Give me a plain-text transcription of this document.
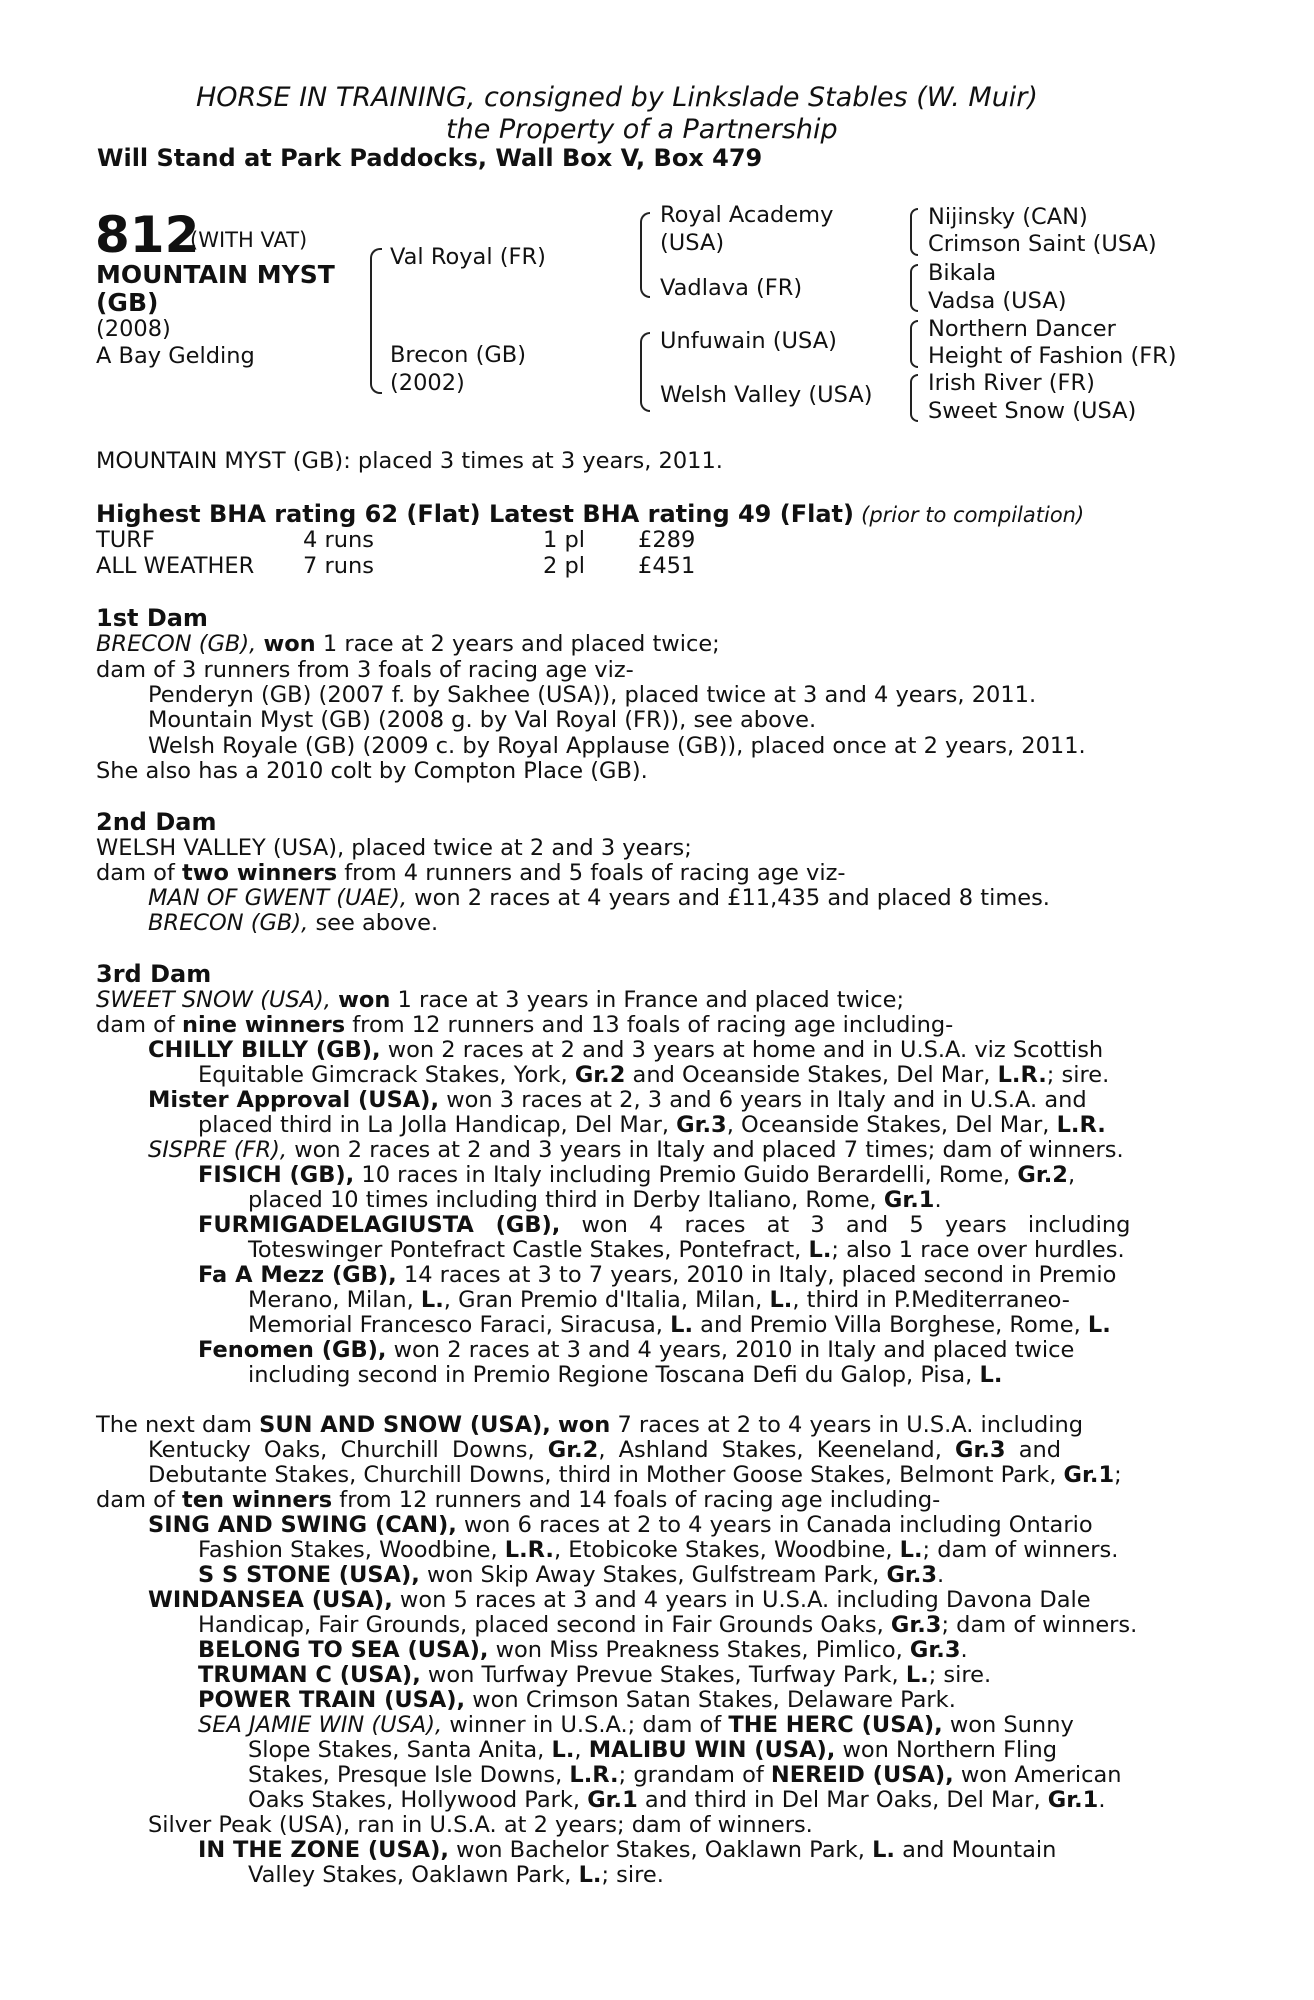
HORSE IN TRAINING, consigned by Linkslade Stables (W. Muir)
the Property of a Partnership
Will Stand at Park Paddocks, Wall Box V, Box 479
812
(WITH VAT)
MOUNTAIN MYST
(GB)
(2008)
A Bay Gelding
Val Royal (FR)
Brecon (GB)
(2002)
Royal Academy
(USA)
Vadlava (FR)
Unfuwain (USA)
Welsh Valley (USA)
Nijinsky (CAN)
Crimson Saint (USA)
Bikala
Vadsa (USA)
Northern Dancer
Height of Fashion (FR)
Irish River (FR)
Sweet Snow (USA)
MOUNTAIN MYST (GB): placed 3 times at 3 years, 2011.
Highest BHA rating 62 (Flat) Latest BHA rating 49 (Flat) (prior to compilation)
TURF	4 runs	1 pl £289
ALL WEATHER 7 runs	2 pl £451
1st Dam
BRECON (GB), won 1 race at 2 years and placed twice;
dam of 3 runners from 3 foals of racing age viz-
Penderyn (GB) (2007 f. by Sakhee (USA)), placed twice at 3 and 4 years, 2011.
Mountain Myst (GB) (2008 g. by Val Royal (FR)), see above.
Welsh Royale (GB) (2009 c. by Royal Applause (GB)), placed once at 2 years, 2011.
She also has a 2010 colt by Compton Place (GB).
2nd Dam
WELSH VALLEY (USA), placed twice at 2 and 3 years;
dam of two winners from 4 runners and 5 foals of racing age viz-
MAN OF GWENT (UAE), won 2 races at 4 years and £11,435 and placed 8 times.
BRECON (GB), see above.
3rd Dam
SWEET SNOW (USA), won 1 race at 3 years in France and placed twice;
dam of nine winners from 12 runners and 13 foals of racing age including-
CHILLY BILLY (GB), won 2 races at 2 and 3 years at home and in U.S.A. viz Scottish
Equitable Gimcrack Stakes, York, Gr.2 and Oceanside Stakes, Del Mar, L.R.; sire.
Mister Approval (USA), won 3 races at 2, 3 and 6 years in Italy and in U.S.A. and
placed third in La Jolla Handicap, Del Mar, Gr.3, Oceanside Stakes, Del Mar, L.R.
SISPRE (FR), won 2 races at 2 and 3 years in Italy and placed 7 times; dam of winners.
FISICH (GB), 10 races in Italy including Premio Guido Berardelli, Rome, Gr.2,
placed 10 times including third in Derby Italiano, Rome, Gr.1.
FURMIGADELAGIUSTA (GB), won 4 races at 3 and 5 years including
Toteswinger Pontefract Castle Stakes, Pontefract, L.; also 1 race over hurdles.
Fa A Mezz (GB), 14 races at 3 to 7 years, 2010 in Italy, placed second in Premio
Merano, Milan, L., Gran Premio d'Italia, Milan, L., third in P.Mediterraneo-
Memorial Francesco Faraci, Siracusa, L. and Premio Villa Borghese, Rome, L.
Fenomen (GB), won 2 races at 3 and 4 years, 2010 in Italy and placed twice
including second in Premio Regione Toscana Defi du Galop, Pisa, L.
The next dam SUN AND SNOW (USA), won 7 races at 2 to 4 years in U.S.A. including
Kentucky Oaks, Churchill Downs, Gr.2, Ashland Stakes, Keeneland, Gr.3 and
Debutante Stakes, Churchill Downs, third in Mother Goose Stakes, Belmont Park, Gr.1;
dam of ten winners from 12 runners and 14 foals of racing age including-
SING AND SWING (CAN), won 6 races at 2 to 4 years in Canada including Ontario
Fashion Stakes, Woodbine, L.R., Etobicoke Stakes, Woodbine, L.; dam of winners.
S S STONE (USA), won Skip Away Stakes, Gulfstream Park, Gr.3.
WINDANSEA (USA), won 5 races at 3 and 4 years in U.S.A. including Davona Dale
Handicap, Fair Grounds, placed second in Fair Grounds Oaks, Gr.3; dam of winners.
BELONG TO SEA (USA), won Miss Preakness Stakes, Pimlico, Gr.3.
TRUMAN C (USA), won Turfway Prevue Stakes, Turfway Park, L.; sire.
POWER TRAIN (USA), won Crimson Satan Stakes, Delaware Park.
SEA JAMIE WIN (USA), winner in U.S.A.; dam of THE HERC (USA), won Sunny
Slope Stakes, Santa Anita, L., MALIBU WIN (USA), won Northern Fling
Stakes, Presque Isle Downs, L.R.; grandam of NEREID (USA), won American
Oaks Stakes, Hollywood Park, Gr.1 and third in Del Mar Oaks, Del Mar, Gr.1.
Silver Peak (USA), ran in U.S.A. at 2 years; dam of winners.
IN THE ZONE (USA), won Bachelor Stakes, Oaklawn Park, L. and Mountain
Valley Stakes, Oaklawn Park, L.; sire.
